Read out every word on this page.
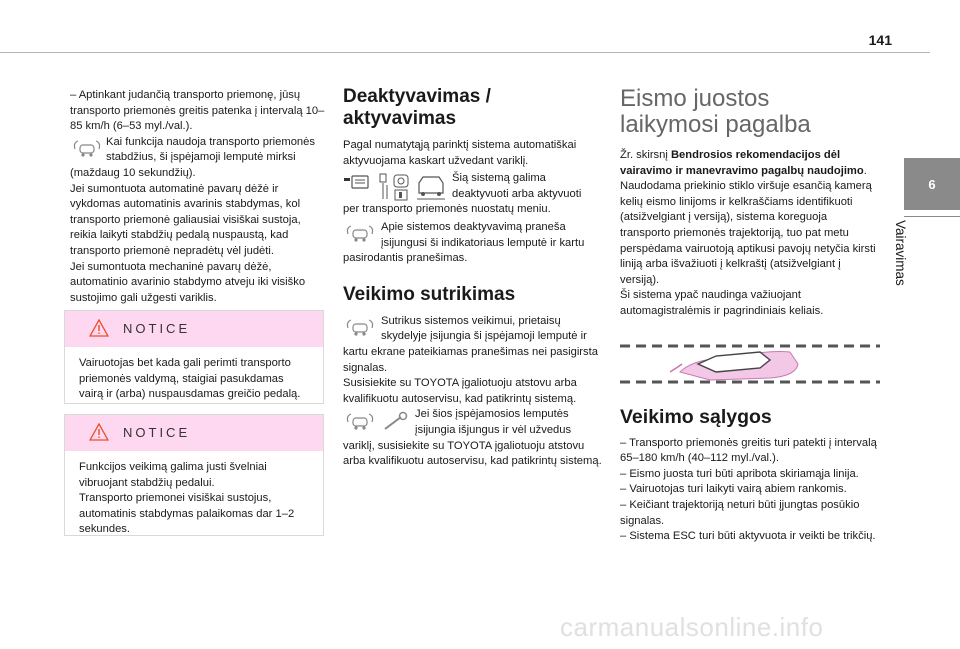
141
6
Vairavimas

– Aptinkant judančią transporto priemonę, jūsų transporto priemonės greitis patenka į intervalą 10–85 km/h (6–53 myl./val.).

Kai funkcija naudoja transporto priemonės stabdžius, ši įspėjamoji lemputė mirksi

(maždaug 10 sekundžių).

Jei sumontuota automatinė pavarų dėžė ir vykdomas automatinis avarinis stabdymas, kol transporto priemonė galiausiai visiškai sustoja, reikia laikyti stabdžių pedalą nuspaustą, kad transporto priemonė nepradėtų vėl judėti.

Jei sumontuota mechaninė pavarų dėžė, automatinio avarinio stabdymo atveju iki visiško sustojimo gali užgesti variklis.

NOTICE

Vairuotojas bet kada gali perimti transporto priemonės valdymą, staigiai pasukdamas vairą ir (arba) nuspausdamas greičio pedalą.

NOTICE

Funkcijos veikimą galima justi švelniai vibruojant stabdžių pedalui.

Transporto priemonei visiškai sustojus, automatinis stabdymas palaikomas dar 1–2 sekundes.

Deaktyvavimas / aktyvavimas

Pagal numatytąją parinktį sistema automatiškai aktyvuojama kaskart užvedant variklį.

Šią sistemą galima deaktyvuoti arba aktyvuoti

per transporto priemonės nuostatų meniu.

Apie sistemos deaktyvavimą praneša įsijungusi ši indikatoriaus lemputė ir kartu

pasirodantis pranešimas.

Veikimo sutrikimas

Sutrikus sistemos veikimui, prietaisų skydelyje įsijungia ši įspėjamoji lemputė ir

kartu ekrane pateikiamas pranešimas nei pasigirsta signalas.

Susisiekite su TOYOTA įgaliotuoju atstovu arba kvalifikuotu autoservisu, kad patikrintų sistemą.

Jei šios įspėjamosios lemputės įsijungia išjungus ir vėl užvedus

variklį, susisiekite su TOYOTA įgaliotuoju atstovu arba kvalifikuotu autoservisu, kad patikrintų sistemą.

Eismo juostos laikymosi pagalba

Žr. skirsnį Bendrosios rekomendacijos dėl vairavimo ir manevravimo pagalbų naudojimo.

Naudodama priekinio stiklo viršuje esančią kamerą kelių eismo linijoms ir kelkraščiams identifikuoti (atsižvelgiant į versiją), sistema koreguoja transporto priemonės trajektoriją, tuo pat metu perspėdama vairuotoją aptikusi pavojų netyčia kirsti liniją arba išvažiuoti į kelkraštį (atsižvelgiant į versiją).

Ši sistema ypač naudinga važiuojant automagistralėmis ir pagrindiniais keliais.

Veikimo sąlygos

– Transporto priemonės greitis turi patekti į intervalą 65–180 km/h (40–112 myl./val.).

– Eismo juosta turi būti apribota skiriamąja linija.

– Vairuotojas turi laikyti vairą abiem rankomis.

– Keičiant trajektoriją neturi būti įjungtas posūkio signalas.

– Sistema ESC turi būti aktyvuota ir veikti be trikčių.

carmanualsonline.info
